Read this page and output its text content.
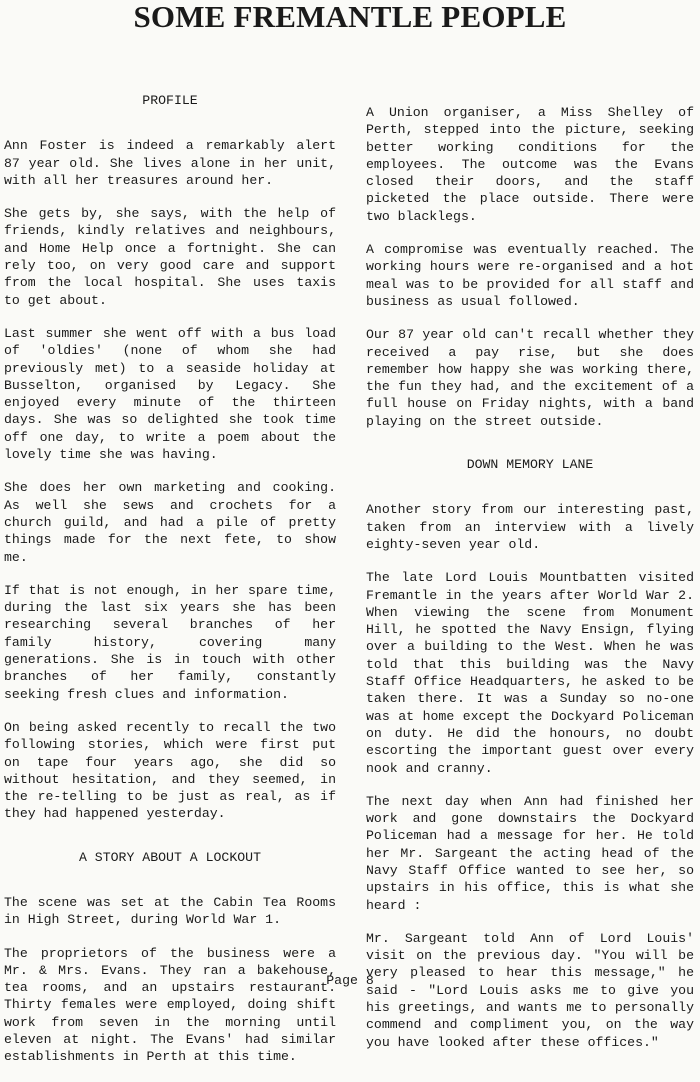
SOME FREMANTLE PEOPLE
PROFILE

Ann Foster is indeed a remarkably alert 87 year old. She lives alone in her unit, with all her treasures around her.

She gets by, she says, with the help of friends, kindly relatives and neighbours, and Home Help once a fortnight. She can rely too, on very good care and support from the local hospital. She uses taxis to get about.

Last summer she went off with a bus load of 'oldies' (none of whom she had previously met) to a seaside holiday at Busselton, organised by Legacy. She enjoyed every minute of the thirteen days. She was so delighted she took time off one day, to write a poem about the lovely time she was having.

She does her own marketing and cooking. As well she sews and crochets for a church guild, and had a pile of pretty things made for the next fete, to show me.

If that is not enough, in her spare time, during the last six years she has been researching several branches of her family history, covering many generations. She is in touch with other branches of her family, constantly seeking fresh clues and information.

On being asked recently to recall the two following stories, which were first put on tape four years ago, she did so without hesitation, and they seemed, in the re-telling to be just as real, as if they had happened yesterday.

A STORY ABOUT A LOCKOUT

The scene was set at the Cabin Tea Rooms in High Street, during World War 1.

The proprietors of the business were a Mr. & Mrs. Evans. They ran a bakehouse, tea rooms, and an upstairs restaurant. Thirty females were employed, doing shift work from seven in the morning until eleven at night. The Evans' had similar establishments in Perth at this time.

A Union organiser, a Miss Shelley of Perth, stepped into the picture, seeking better working conditions for the employees. The outcome was the Evans closed their doors, and the staff picketed the place outside. There were two blacklegs.

A compromise was eventually reached. The working hours were re-organised and a hot meal was to be provided for all staff and business as usual followed.

Our 87 year old can't recall whether they received a pay rise, but she does remember how happy she was working there, the fun they had, and the excitement of a full house on Friday nights, with a band playing on the street outside.

DOWN MEMORY LANE

Another story from our interesting past, taken from an interview with a lively eighty-seven year old.

The late Lord Louis Mountbatten visited Fremantle in the years after World War 2. When viewing the scene from Monument Hill, he spotted the Navy Ensign, flying over a building to the West. When he was told that this building was the Navy Staff Office Headquarters, he asked to be taken there. It was a Sunday so no-one was at home except the Dockyard Policeman on duty. He did the honours, no doubt escorting the important guest over every nook and cranny.

The next day when Ann had finished her work and gone downstairs the Dockyard Policeman had a message for her. He told her Mr. Sargeant the acting head of the Navy Staff Office wanted to see her, so upstairs in his office, this is what she heard :

Mr. Sargeant told Ann of Lord Louis' visit on the previous day. "You will be very pleased to hear this message," he said - "Lord Louis asks me to give you his greetings, and wants me to personally commend and compliment you, on the way you have looked after these offices."

Page 8
